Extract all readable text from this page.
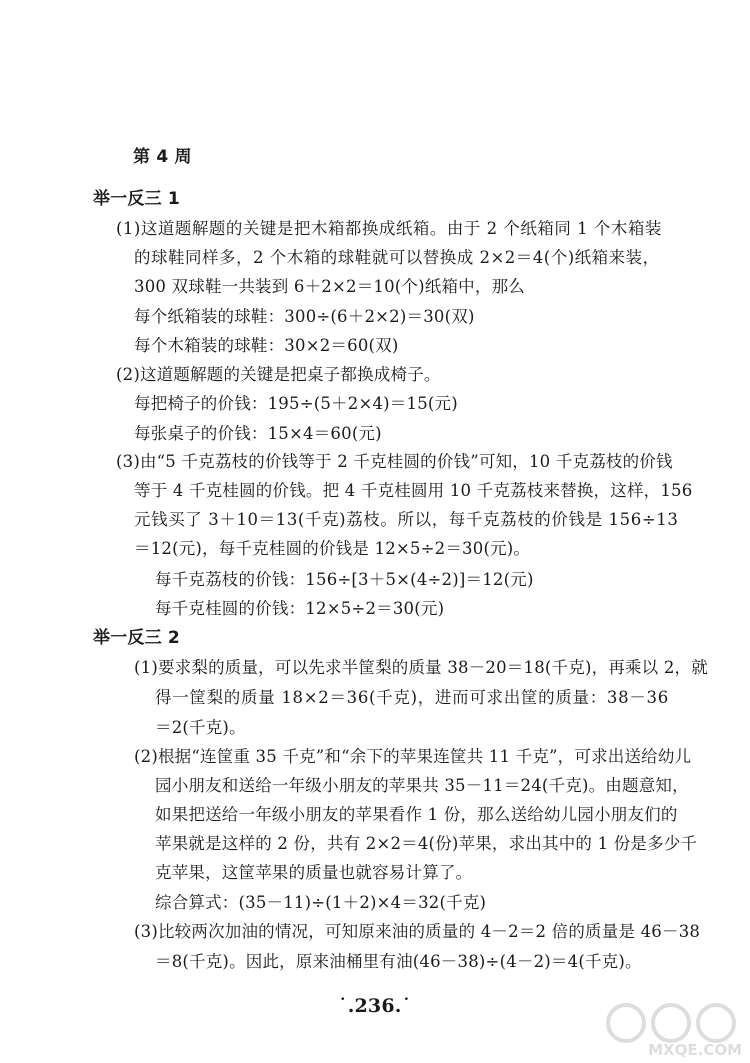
第 4 周
举一反三 1
(1)这道题解题的关键是把木箱都换成纸箱。由于 2 个纸箱同 1 个木箱装
的球鞋同样多，2 个木箱的球鞋就可以替换成 2×2＝4(个)纸箱来装，
300 双球鞋一共装到 6＋2×2＝10(个)纸箱中，那么
每个纸箱装的球鞋：300÷(6＋2×2)＝30(双)
每个木箱装的球鞋：30×2＝60(双)
(2)这道题解题的关键是把桌子都换成椅子。
每把椅子的价钱：195÷(5＋2×4)＝15(元)
每张桌子的价钱：15×4＝60(元)
(3)由“5 千克荔枝的价钱等于 2 千克桂圆的价钱”可知，10 千克荔枝的价钱
等于 4 千克桂圆的价钱。把 4 千克桂圆用 10 千克荔枝来替换，这样，156
元钱买了 3＋10＝13(千克)荔枝。所以，每千克荔枝的价钱是 156÷13
＝12(元)，每千克桂圆的价钱是 12×5÷2＝30(元)。
每千克荔枝的价钱：156÷[3＋5×(4÷2)]＝12(元)
每千克桂圆的价钱：12×5÷2＝30(元)
举一反三 2
(1)要求梨的质量，可以先求半筐梨的质量 38－20＝18(千克)，再乘以 2，就
得一筐梨的质量 18×2＝36(千克)，进而可求出筐的质量：38－36
＝2(千克)。
(2)根据“连筐重 35 千克”和“余下的苹果连筐共 11 千克”，可求出送给幼儿
园小朋友和送给一年级小朋友的苹果共 35－11＝24(千克)。由题意知，
如果把送给一年级小朋友的苹果看作 1 份，那么送给幼儿园小朋友们的
苹果就是这样的 2 份，共有 2×2＝4(份)苹果，求出其中的 1 份是多少千
克苹果，这筐苹果的质量也就容易计算了。
综合算式：(35－11)÷(1＋2)×4＝32(千克)
(3)比较两次加油的情况，可知原来油的质量的 4－2＝2 倍的质量是 46－38
＝8(千克)。因此，原来油桶里有油(46－38)÷(4－2)＝4(千克)。
˙.236.˙
MXQE.COM
